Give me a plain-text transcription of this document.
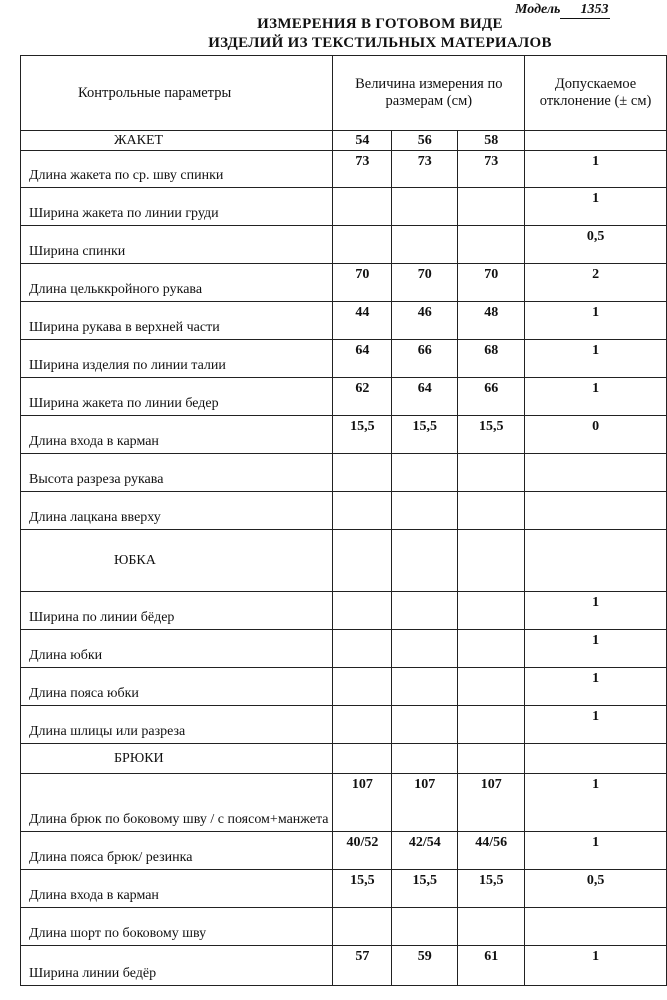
Модель 1353
ИЗМЕРЕНИЯ В ГОТОВОМ ВИДЕ
ИЗДЕЛИЙ ИЗ ТЕКСТИЛЬНЫХ МАТЕРИАЛОВ
Контрольные параметры	Величина измерения по размерам (см)			Допускаемое отклонение (± см)

ЖАКЕТ	54	56	58	
Длина жакета по ср. шву спинки	73	73	73	1
Ширина жакета по линии груди				1
Ширина спинки				0,5
Длина цельккройного рукава	70	70	70	2
Ширина рукава в верхней части	44	46	48	1
Ширина изделия по линии талии	64	66	68	1
Ширина жакета по линии бедер	62	64	66	1
Длина входа в карман	15,5	15,5	15,5	0
Высота разреза рукава				
Длина лацкана вверху				

ЮБКА				

Ширина по линии бёдер				1
Длина юбки				1
Длина пояса юбки				1
Длина шлицы или разреза				1

БРЮКИ				

Длина брюк по боковому шву / с поясом+манжета	107	107	107	1
Длина пояса брюк/ резинка	40/52	42/54	44/56	1
Длина входа в карман	15,5	15,5	15,5	0,5
Длина шорт по боковому шву				
Ширина линии бедёр	57	59	61	1
